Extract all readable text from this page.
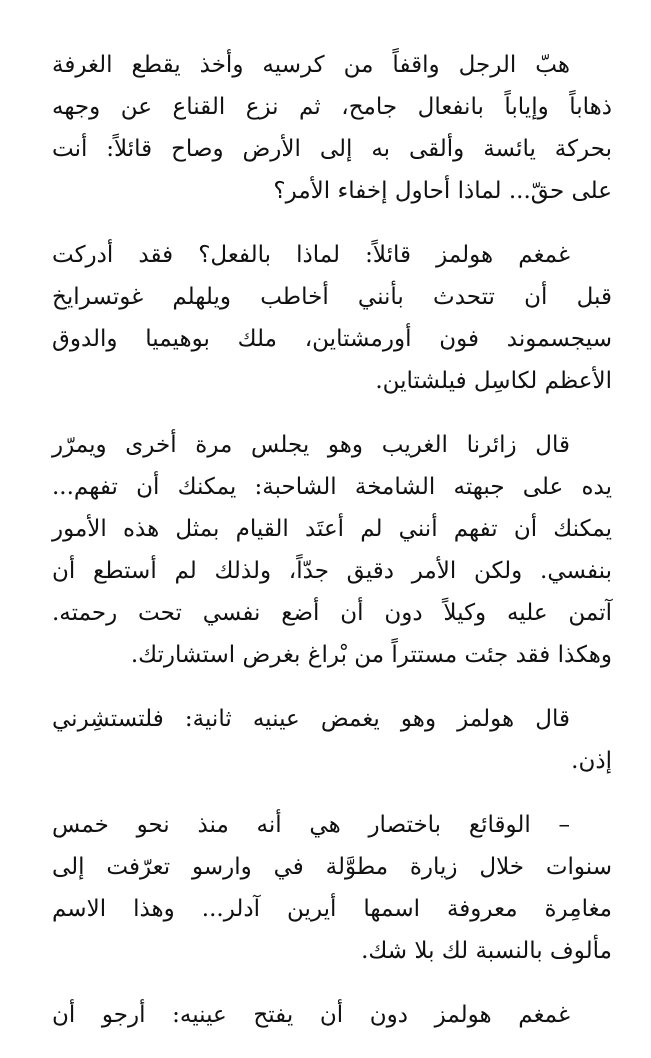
هبّ الرجل واقفاً من كرسيه وأخذ يقطع الغرفة
ذهاباً وإياباً بانفعال جامح، ثم نزع القناع عن وجهه
بحركة يائسة وألقى به إلى الأرض وصاح قائلاً: أنت
على حقّ... لماذا أحاول إخفاء الأمر؟

غمغم هولمز قائلاً: لماذا بالفعل؟ فقد أدركت
قبل أن تتحدث بأنني أخاطب ويلهلم غوتسرايخ
سيجسموند فون أورمشتاين، ملك بوهيميا والدوق
الأعظم لكاسِل فيلشتاين.

قال زائرنا الغريب وهو يجلس مرة أخرى ويمرّر
يده على جبهته الشامخة الشاحبة: يمكنك أن تفهم...
يمكنك أن تفهم أنني لم أعتَد القيام بمثل هذه الأمور
بنفسي. ولكن الأمر دقيق جدّاً، ولذلك لم أستطع أن
آتمن عليه وكيلاً دون أن أضع نفسي تحت رحمته.
وهكذا فقد جئت مستتراً من بْراغ بغرض استشارتك.

قال هولمز وهو يغمض عينيه ثانية: فلتستشِرني
إذن.

– الوقائع باختصار هي أنه منذ نحو خمس
سنوات خلال زيارة مطوَّلة في وارسو تعرّفت إلى
مغامِرة معروفة اسمها أيرين آدلر... وهذا الاسم
مألوف بالنسبة لك بلا شك.

غمغم هولمز دون أن يفتح عينيه: أرجو أن
